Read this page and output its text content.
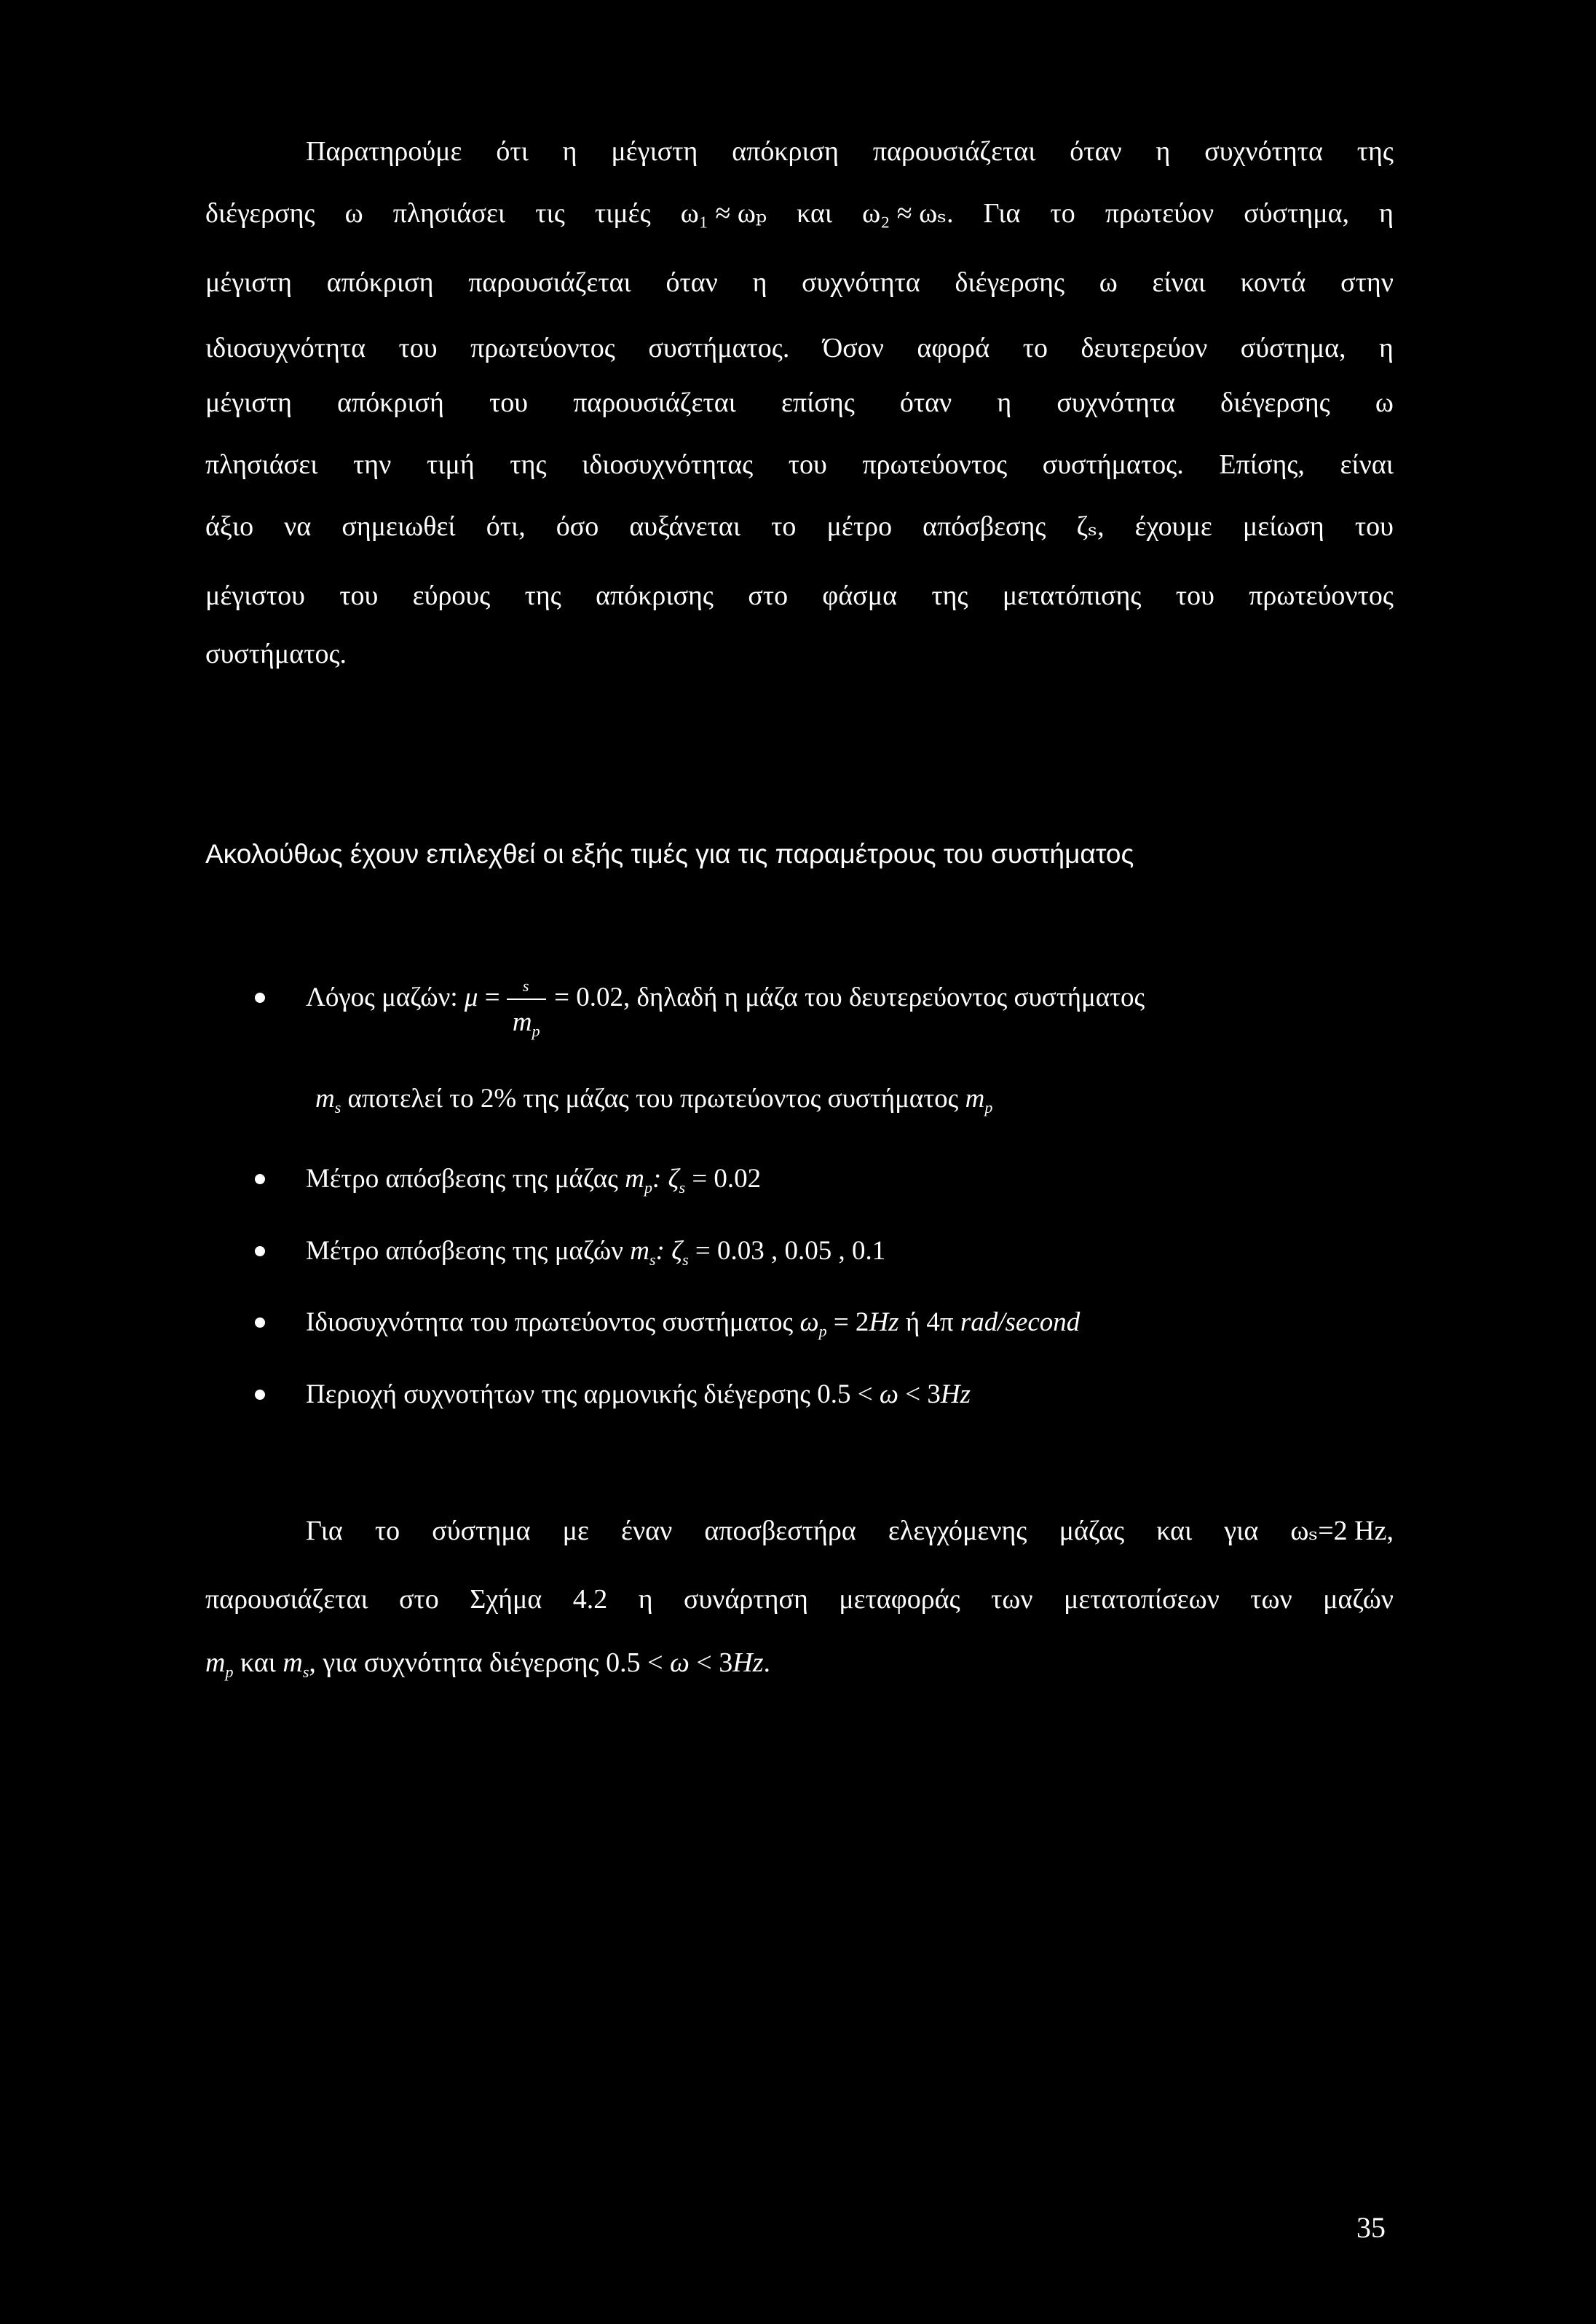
Παρατηρούμε ότι η μέγιστη απόκριση παρουσιάζεται όταν η συχνότητα της
διέγερσης ω πλησιάσει τις τιμές ω₁ ≈ ωₚ και ω₂ ≈ ωₛ. Για το πρωτεύον σύστημα, η
μέγιστη απόκριση παρουσιάζεται όταν η συχνότητα διέγερσης ω είναι κοντά στην
ιδιοσυχνότητα του πρωτεύοντος συστήματος. Όσον αφορά το δευτερεύον σύστημα, η
μέγιστη απόκρισή του παρουσιάζεται επίσης όταν η συχνότητα διέγερσης ω
πλησιάσει την τιμή της ιδιοσυχνότητας του πρωτεύοντος συστήματος. Επίσης, είναι
άξιο να σημειωθεί ότι, όσο αυξάνεται το μέτρο απόσβεσης ζₛ, έχουμε μείωση του
μέγιστου του εύρους της απόκρισης στο φάσμα της μετατόπισης του πρωτεύοντος
συστήματος.
Ακολούθως έχουν επιλεχθεί οι εξής τιμές για τις παραμέτρους του συστήματος
Λόγος μαζών: $\mu = \frac{s}{m_p} = 0.02$, δηλαδή η μάζα του δευτερεύοντος συστήματος
$m_s$ αποτελεί το 2% της μάζας του πρωτεύοντος συστήματος $m_p$
Μέτρο απόσβεσης της μάζας $m_p$: $\zeta_s = 0.02$
Μέτρο απόσβεσης της μαζών $m_s$: $\zeta_s = 0.03$ , 0.05 , 0.1
Ιδιοσυχνότητα του πρωτεύοντος συστήματος $\omega_p = 2Hz$ ή 4π rad/second
Περιοχή συχνοτήτων της αρμονικής διέγερσης 0.5 < ω < 3Hz
Για το σύστημα με έναν αποσβεστήρα ελεγχόμενης μάζας και για ωₛ=2 Hz,
παρουσιάζεται στο Σχήμα 4.2 η συνάρτηση μεταφοράς των μετατοπίσεων των μαζών
$m_p$ και $m_s$, για συχνότητα διέγερσης 0.5 < ω < 3Hz.
35
